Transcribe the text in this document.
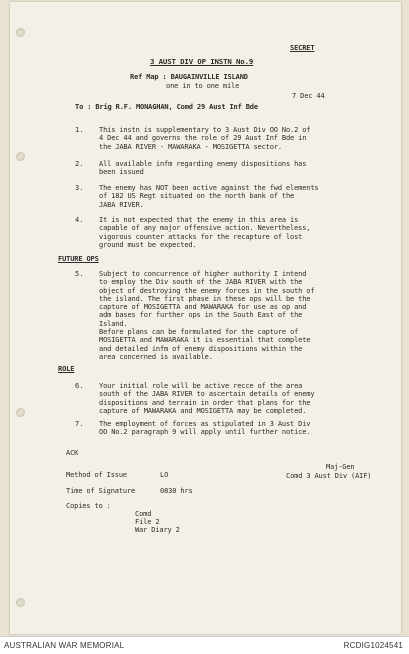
SECRET
3 AUST DIV OP INSTN No.9
Ref Map : BAUGAINVILLE ISLAND
one in to one mile
7 Dec 44
To : Brig R.F. MONAGHAN, Comd 29 Aust Inf Bde
1. This instn is supplementary to 3 Aust Div OO No.2 of
4 Dec 44 and governs the role of 29 Aust Inf Bde in
the JABA RIVER - MAWARAKA - MOSIGETTA sector.
2. All available infm regarding enemy dispositions has
been issued
3. The enemy has NOT been active against the fwd elements
of 182 US Regt situated on the north bank of the
JABA RIVER.
4. It is not expected that the enemy in this area is
capable of any major offensive action. Nevertheless,
vigorous counter attacks for the recapture of lost
ground must be expected.
FUTURE OPS
5. Subject to concurrence of higher authority I intend
to employ the Div south of the JABA RIVER with the
object of destroying the enemy forces in the south of
the island. The first phase in these ops will be the
capture of MOSIGETTA and MAWARAKA for use as op and
adm bases for further ops in the South East of the
Island.
Before plans can be formulated for the capture of
MOSIGETTA and MAWARAKA it is essential that complete
and detailed infm of enemy dispositions within the
area concerned is available.
ROLE
6. Your initial role will be active recce of the area
south of the JABA RIVER to ascertain details of enemy
dispositions and terrain in order that plans for the
capture of MAWARAKA and MOSIGETTA may be completed.
7. The employment of forces as stipulated in 3 Aust Div
OO No.2 paragraph 9 will apply until further notice.
ACK
Maj-Gen
Method of Issue	LO	Comd 3 Aust Div (AIF)
Time of Signature	0830 hrs
Copies to :
Comd
File 2
War Diary 2
AUSTRALIAN WAR MEMORIAL	RCDIG1024541
